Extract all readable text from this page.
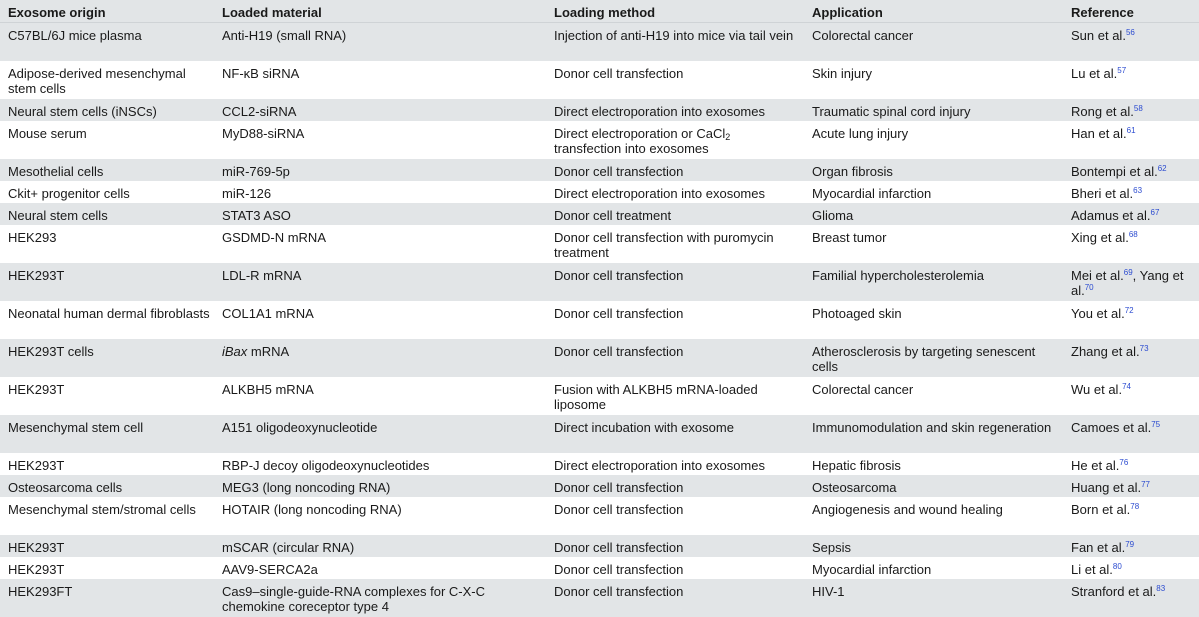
Exosome origin	Loaded material	Loading method	Application	Reference
C57BL/6J mice plasma	Anti-H19 (small RNA)	Injection of anti-H19 into mice via tail vein	Colorectal cancer	Sun et al.$^{56}$
Adipose-derived mesenchymal stem cells	NF-κB siRNA	Donor cell transfection	Skin injury	Lu et al.$^{57}$
Neural stem cells (iNSCs)	CCL2-siRNA	Direct electroporation into exosomes	Traumatic spinal cord injury	Rong et al.$^{58}$
Mouse serum	MyD88-siRNA	Direct electroporation or CaCl$_2$ transfection into exosomes	Acute lung injury	Han et al.$^{61}$
Mesothelial cells	miR-769-5p	Donor cell transfection	Organ fibrosis	Bontempi et al.$^{62}$
Ckit+ progenitor cells	miR-126	Direct electroporation into exosomes	Myocardial infarction	Bheri et al.$^{63}$
Neural stem cells	STAT3 ASO	Donor cell treatment	Glioma	Adamus et al.$^{67}$
HEK293	GSDMD-N mRNA	Donor cell transfection with puromycin treatment	Breast tumor	Xing et al.$^{68}$
HEK293T	LDL-R mRNA	Donor cell transfection	Familial hypercholesterolemia	Mei et al.$^{69}$, Yang et al.$^{70}$
Neonatal human dermal fibroblasts	COL1A1 mRNA	Donor cell transfection	Photoaged skin	You et al.$^{72}$
HEK293T cells	iBax mRNA	Donor cell transfection	Atherosclerosis by targeting senescent cells	Zhang et al.$^{73}$
HEK293T	ALKBH5 mRNA	Fusion with ALKBH5 mRNA-loaded liposome	Colorectal cancer	Wu et al.$^{74}$
Mesenchymal stem cell	A151 oligodeoxynucleotide	Direct incubation with exosome	Immunomodulation and skin regeneration	Camoes et al.$^{75}$
HEK293T	RBP-J decoy oligodeoxynucleotides	Direct electroporation into exosomes	Hepatic fibrosis	He et al.$^{76}$
Osteosarcoma cells	MEG3 (long noncoding RNA)	Donor cell transfection	Osteosarcoma	Huang et al.$^{77}$
Mesenchymal stem/stromal cells	HOTAIR (long noncoding RNA)	Donor cell transfection	Angiogenesis and wound healing	Born et al.$^{78}$
HEK293T	mSCAR (circular RNA)	Donor cell transfection	Sepsis	Fan et al.$^{79}$
HEK293T	AAV9-SERCA2a	Donor cell transfection	Myocardial infarction	Li et al.$^{80}$
HEK293FT	Cas9–single-guide-RNA complexes for C-X-C chemokine coreceptor type 4	Donor cell transfection	HIV-1	Stranford et al.$^{83}$
